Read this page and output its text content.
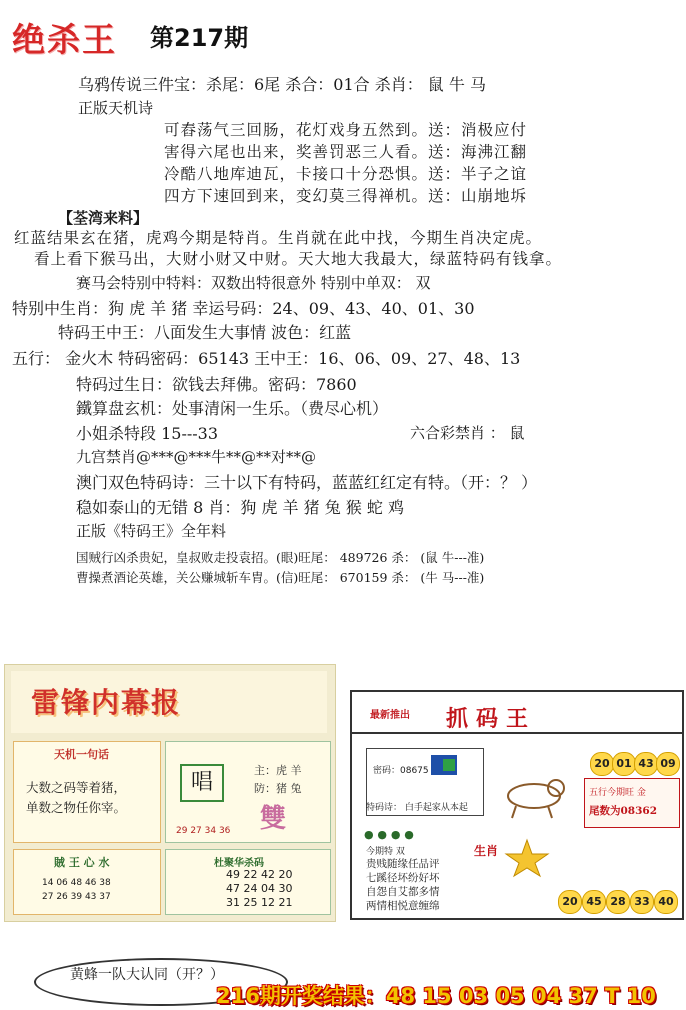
绝杀王 第217期
乌鸦传说三件宝：杀尾：6尾 杀合：01合 杀肖： 鼠 牛 马
正版天机诗
可舂荡气三回肠，花灯戏身五然到。送：消极应付
害得六尾也出来，奖善罚恶三人看。送：海沸江翻
冷酷八地库迪瓦，卡接口十分恐惧。送：半子之谊
四方下速回到来，变幻莫三得禅机。送：山崩地坼
【荃湾来料】
红蓝结果玄在猪，虎鸡今期是特肖。生肖就在此中找，今期生肖决定虎。
看上看下猴马出，大财小财又中财。天大地大我最大，绿蓝特码有钱拿。
赛马会特别中特料：双数出特很意外 特别中单双： 双
特别中生肖：狗 虎 羊 猪 幸运号码：24、09、43、40、01、30
特码王中王：八面发生大事情 波色：红蓝
五行： 金火木 特码密码：65143 王中王：16、06、09、27、48、13
特码过生日：欲钱去拜佛。密码：7860
鐵算盘玄机：处事清闲一生乐。（费尽心机）
小姐杀特段 15---33	六合彩禁肖 ： 鼠
九宫禁肖@***@***牛**@**对**@
澳门双色特码诗：三十以下有特码，蓝蓝红红定有特。（开：？ ）
稳如泰山的无错 8 肖：狗 虎 羊 猪 兔 猴 蛇 鸡
正版《特码王》全年料
国贼行凶杀贵妃，皇叔败走投袁招。(眼)旺尾： 489726 杀： (鼠 牛---准)
曹操煮酒论英雄，关公赚城斩车胄。(信)旺尾： 670159 杀： (牛 马---准)
雷锋内幕报
天机一句话
大数之码等着猪，
单数之物任你宰。
唱	主：虎 羊
防：猪 兔
雙
29 27 34 36
賊 王 心 水
14 06 48 46 38
27 26 39 43 37
杜聚华杀码
49 22 42 20
47 24 04 30
31 25 12 21
最新推出 抓码王
密码：08675
特码诗： 白手起家从本起
20 01 43 09
五行今期旺 金
尾数为08362
● ● ● ●
生肖
今期特 双
贵贱随缘任品评
七蹊径坏纷好坏
自怨自艾都多情
两情相悦意缠绵	20 45 28 33 40
黄蜂一队大认同（开？）
216期开奖结果：48 15 03 05 04 37 T 10
